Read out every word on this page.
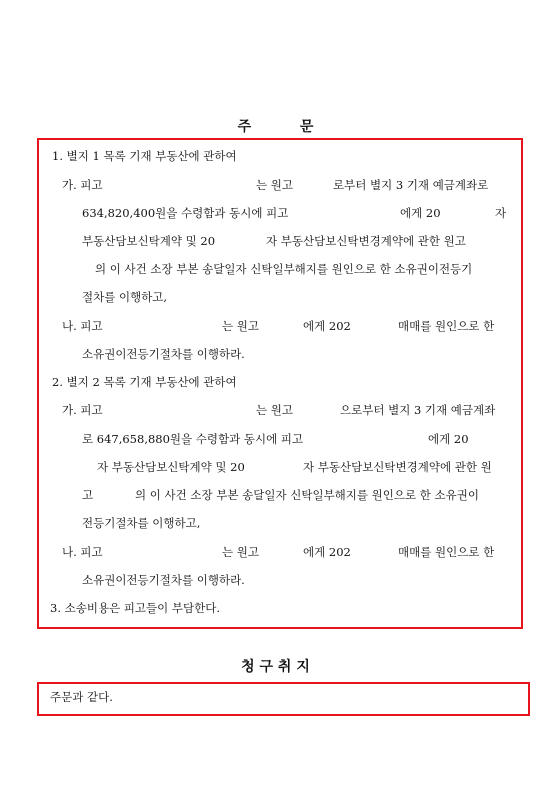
주          문
1. 별지 1 목록 기재 부동산에 관하여
가. 피고	는 원고	로부터 별지 3 기재 예금계좌로
634,820,400원을 수령함과 동시에 피고	에게 20	자
부동산담보신탁계약 및 20	자 부동산담보신탁변경계약에 관한 원고
의 이 사건 소장 부본 송달일자 신탁일부해지를 원인으로 한 소유권이전등기
절차를 이행하고,
나. 피고	는 원고	에게 202	매매를 원인으로 한
소유권이전등기절차를 이행하라.
2. 별지 2 목록 기재 부동산에 관하여
가. 피고	는 원고	으로부터 별지 3 기재 예금계좌
로 647,658,880원을 수령함과 동시에 피고	에게 20
자 부동산담보신탁계약 및 20	자 부동산담보신탁변경계약에 관한 원
고	의 이 사건 소장 부본 송달일자 신탁일부해지를 원인으로 한 소유권이
전등기절차를 이행하고,
나. 피고	는 원고	에게 202	매매를 원인으로 한
소유권이전등기절차를 이행하라.
3. 소송비용은 피고들이 부담한다.
청 구 취 지
주문과 같다.
